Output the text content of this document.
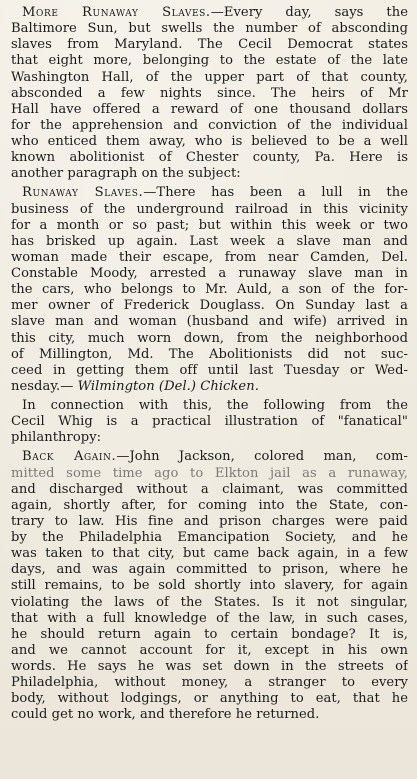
More Runaway Slaves.—Every day, says the
Baltimore Sun, but swells the number of absconding
slaves from Maryland. The Cecil Democrat states
that eight more, belonging to the estate of the late
Washington Hall, of the upper part of that county,
absconded a few nights since. The heirs of Mr
Hall have offered a reward of one thousand dollars
for the apprehension and conviction of the individual
who enticed them away, who is believed to be a well
known abolitionist of Chester county, Pa. Here is
another paragraph on the subject:
Runaway Slaves.—There has been a lull in the
business of the underground railroad in this vicinity
for a month or so past; but within this week or two
has brisked up again. Last week a slave man and
woman made their escape, from near Camden, Del.
Constable Moody, arrested a runaway slave man in
the cars, who belongs to Mr. Auld, a son of the for-
mer owner of Frederick Douglass. On Sunday last a
slave man and woman (husband and wife) arrived in
this city, much worn down, from the neighborhood
of Millington, Md. The Abolitionists did not suc-
ceed in getting them off until last Tuesday or Wed-
nesday.— Wilmington (Del.) Chicken.
In connection with this, the following from the
Cecil Whig is a practical illustration of "fanatical"
philanthropy:
Back Again.—John Jackson, colored man, com-
mitted some time ago to Elkton jail as a runaway,
and discharged without a claimant, was committed
again, shortly after, for coming into the State, con-
trary to law. His fine and prison charges were paid
by the Philadelphia Emancipation Society, and he
was taken to that city, but came back again, in a few
days, and was again committed to prison, where he
still remains, to be sold shortly into slavery, for again
violating the laws of the States. Is it not singular,
that with a full knowledge of the law, in such cases,
he should return again to certain bondage? It is,
and we cannot account for it, except in his own
words. He says he was set down in the streets of
Philadelphia, without money, a stranger to every
body, without lodgings, or anything to eat, that he
could get no work, and therefore he returned.
